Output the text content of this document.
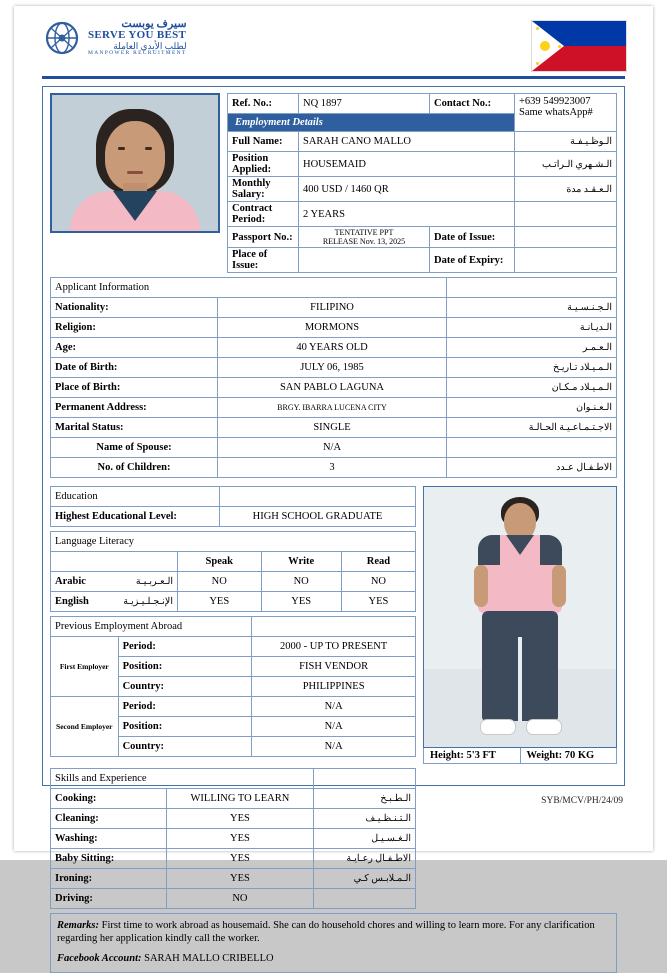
سيرف يوبست
SERVE YOU BEST
لطلب الأيدي العاملة
MANPOWER RECRUITMENT
Ref. No.:	NQ 1897	Contact No.:	+639 549923007
Same whatsApp#

Employment Details			

Full Name:	SARAH CANO MALLO		الـوظـيـفـة
Position Applied:	HOUSEMAID		الـشـهري الـراتـب
Monthly Salary:	400 USD / 1460 QR		الـعـقـد مدة
Contract Period:	2 YEARS		
Passport No.:	TENTATIVE PPT
RELEASE Nov. 13, 2025	Date of Issue:	
Place of Issue:		Date of Expiry:	
Applicant Information		الـطـلـب مـقـدم بـيـانـات
Nationality:	FILIPINO	الـجـنـسـيـة
Religion:	MORMONS	الـديـانـة
Age:	40 YEARS OLD	الـعـمـر
Date of Birth:	JULY 06, 1985	الـمـيـلاد تـاريـخ
Place of Birth:	SAN PABLO LAGUNA	الـمـيـلاد مـكـان
Permanent Address:	BRGY. IBARRA LUCENA CITY	الـعـنـوان
Marital Status:	SINGLE	الاجـتـمـاعـيـة الحـالـة
Name of Spouse:	N/A	
No. of Children:	3	الاطـفـال عـدد
Education	الـتـعـلـيـمي الـمـسـتـوى
Highest Educational Level:	HIGH SCHOOL GRADUATE
Language Literacy			
	Speak	Write	Read
Arabic الـعـربـيـة	NO	NO	NO
English الإنـجـلـيـزيـة	YES	YES	YES
Previous Employment Abroad		الـبـلاد خـارج خـبـرة

First Employer	Period:	2000 - UP TO PRESENT
	Position:	FISH VENDOR
	Country:	PHILIPPINES

Second Employer	Period:	N/A
	Position:	N/A
	Country:	N/A
Height: 5'3 FT	Weight: 70 KG
Skills and Experience		الـعـمـلـيـة خـبـرة
Cooking:	WILLING TO LEARN	الـطـبـخ
Cleaning:	YES	الـتـنـظـيـف
Washing:	YES	الـغـسـيـل
Baby Sitting:	YES	الاطـفـال رعـايـة
Ironing:	YES	الـمـلابـس كـي
Driving:	NO	
Remarks: First time to work abroad as housemaid. She can do household chores and willing to learn more. For any clarification regarding her application kindly call the worker.
Facebook Account: SARAH MALLO CRIBELLO
SYB/MCV/PH/24/09
